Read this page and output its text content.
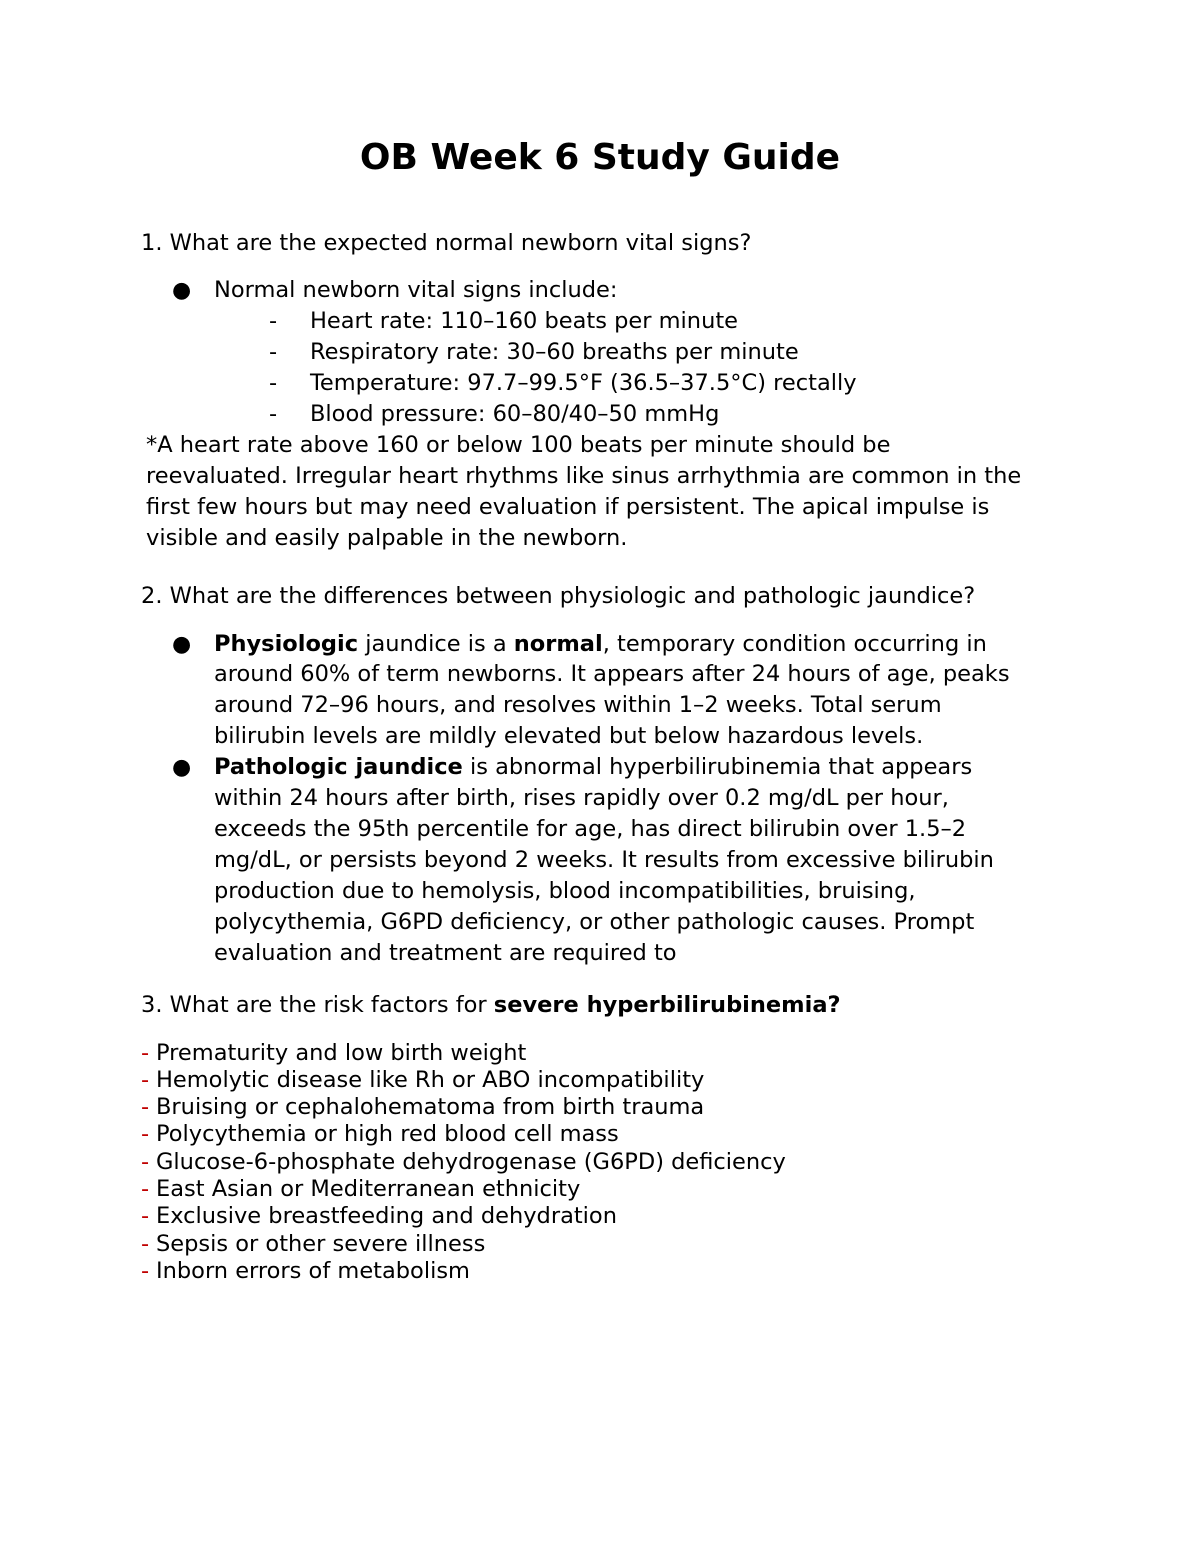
OB Week 6 Study Guide
1. What are the expected normal newborn vital signs?
● Normal newborn vital signs include:
- Heart rate: 110–160 beats per minute
- Respiratory rate: 30–60 breaths per minute
- Temperature: 97.7–99.5°F (36.5–37.5°C) rectally
- Blood pressure: 60–80/40–50 mmHg
*A heart rate above 160 or below 100 beats per minute should be
reevaluated. Irregular heart rhythms like sinus arrhythmia are common in the
first few hours but may need evaluation if persistent. The apical impulse is
visible and easily palpable in the newborn.
2. What are the differences between physiologic and pathologic jaundice?
● Physiologic jaundice is a normal, temporary condition occurring in
around 60% of term newborns. It appears after 24 hours of age, peaks
around 72–96 hours, and resolves within 1–2 weeks. Total serum
bilirubin levels are mildly elevated but below hazardous levels.
● Pathologic jaundice is abnormal hyperbilirubinemia that appears
within 24 hours after birth, rises rapidly over 0.2 mg/dL per hour,
exceeds the 95th percentile for age, has direct bilirubin over 1.5–2
mg/dL, or persists beyond 2 weeks. It results from excessive bilirubin
production due to hemolysis, blood incompatibilities, bruising,
polycythemia, G6PD deficiency, or other pathologic causes. Prompt
evaluation and treatment are required to
3. What are the risk factors for severe hyperbilirubinemia?
- Prematurity and low birth weight
- Hemolytic disease like Rh or ABO incompatibility
- Bruising or cephalohematoma from birth trauma
- Polycythemia or high red blood cell mass
- Glucose-6-phosphate dehydrogenase (G6PD) deficiency
- East Asian or Mediterranean ethnicity
- Exclusive breastfeeding and dehydration
- Sepsis or other severe illness
- Inborn errors of metabolism
